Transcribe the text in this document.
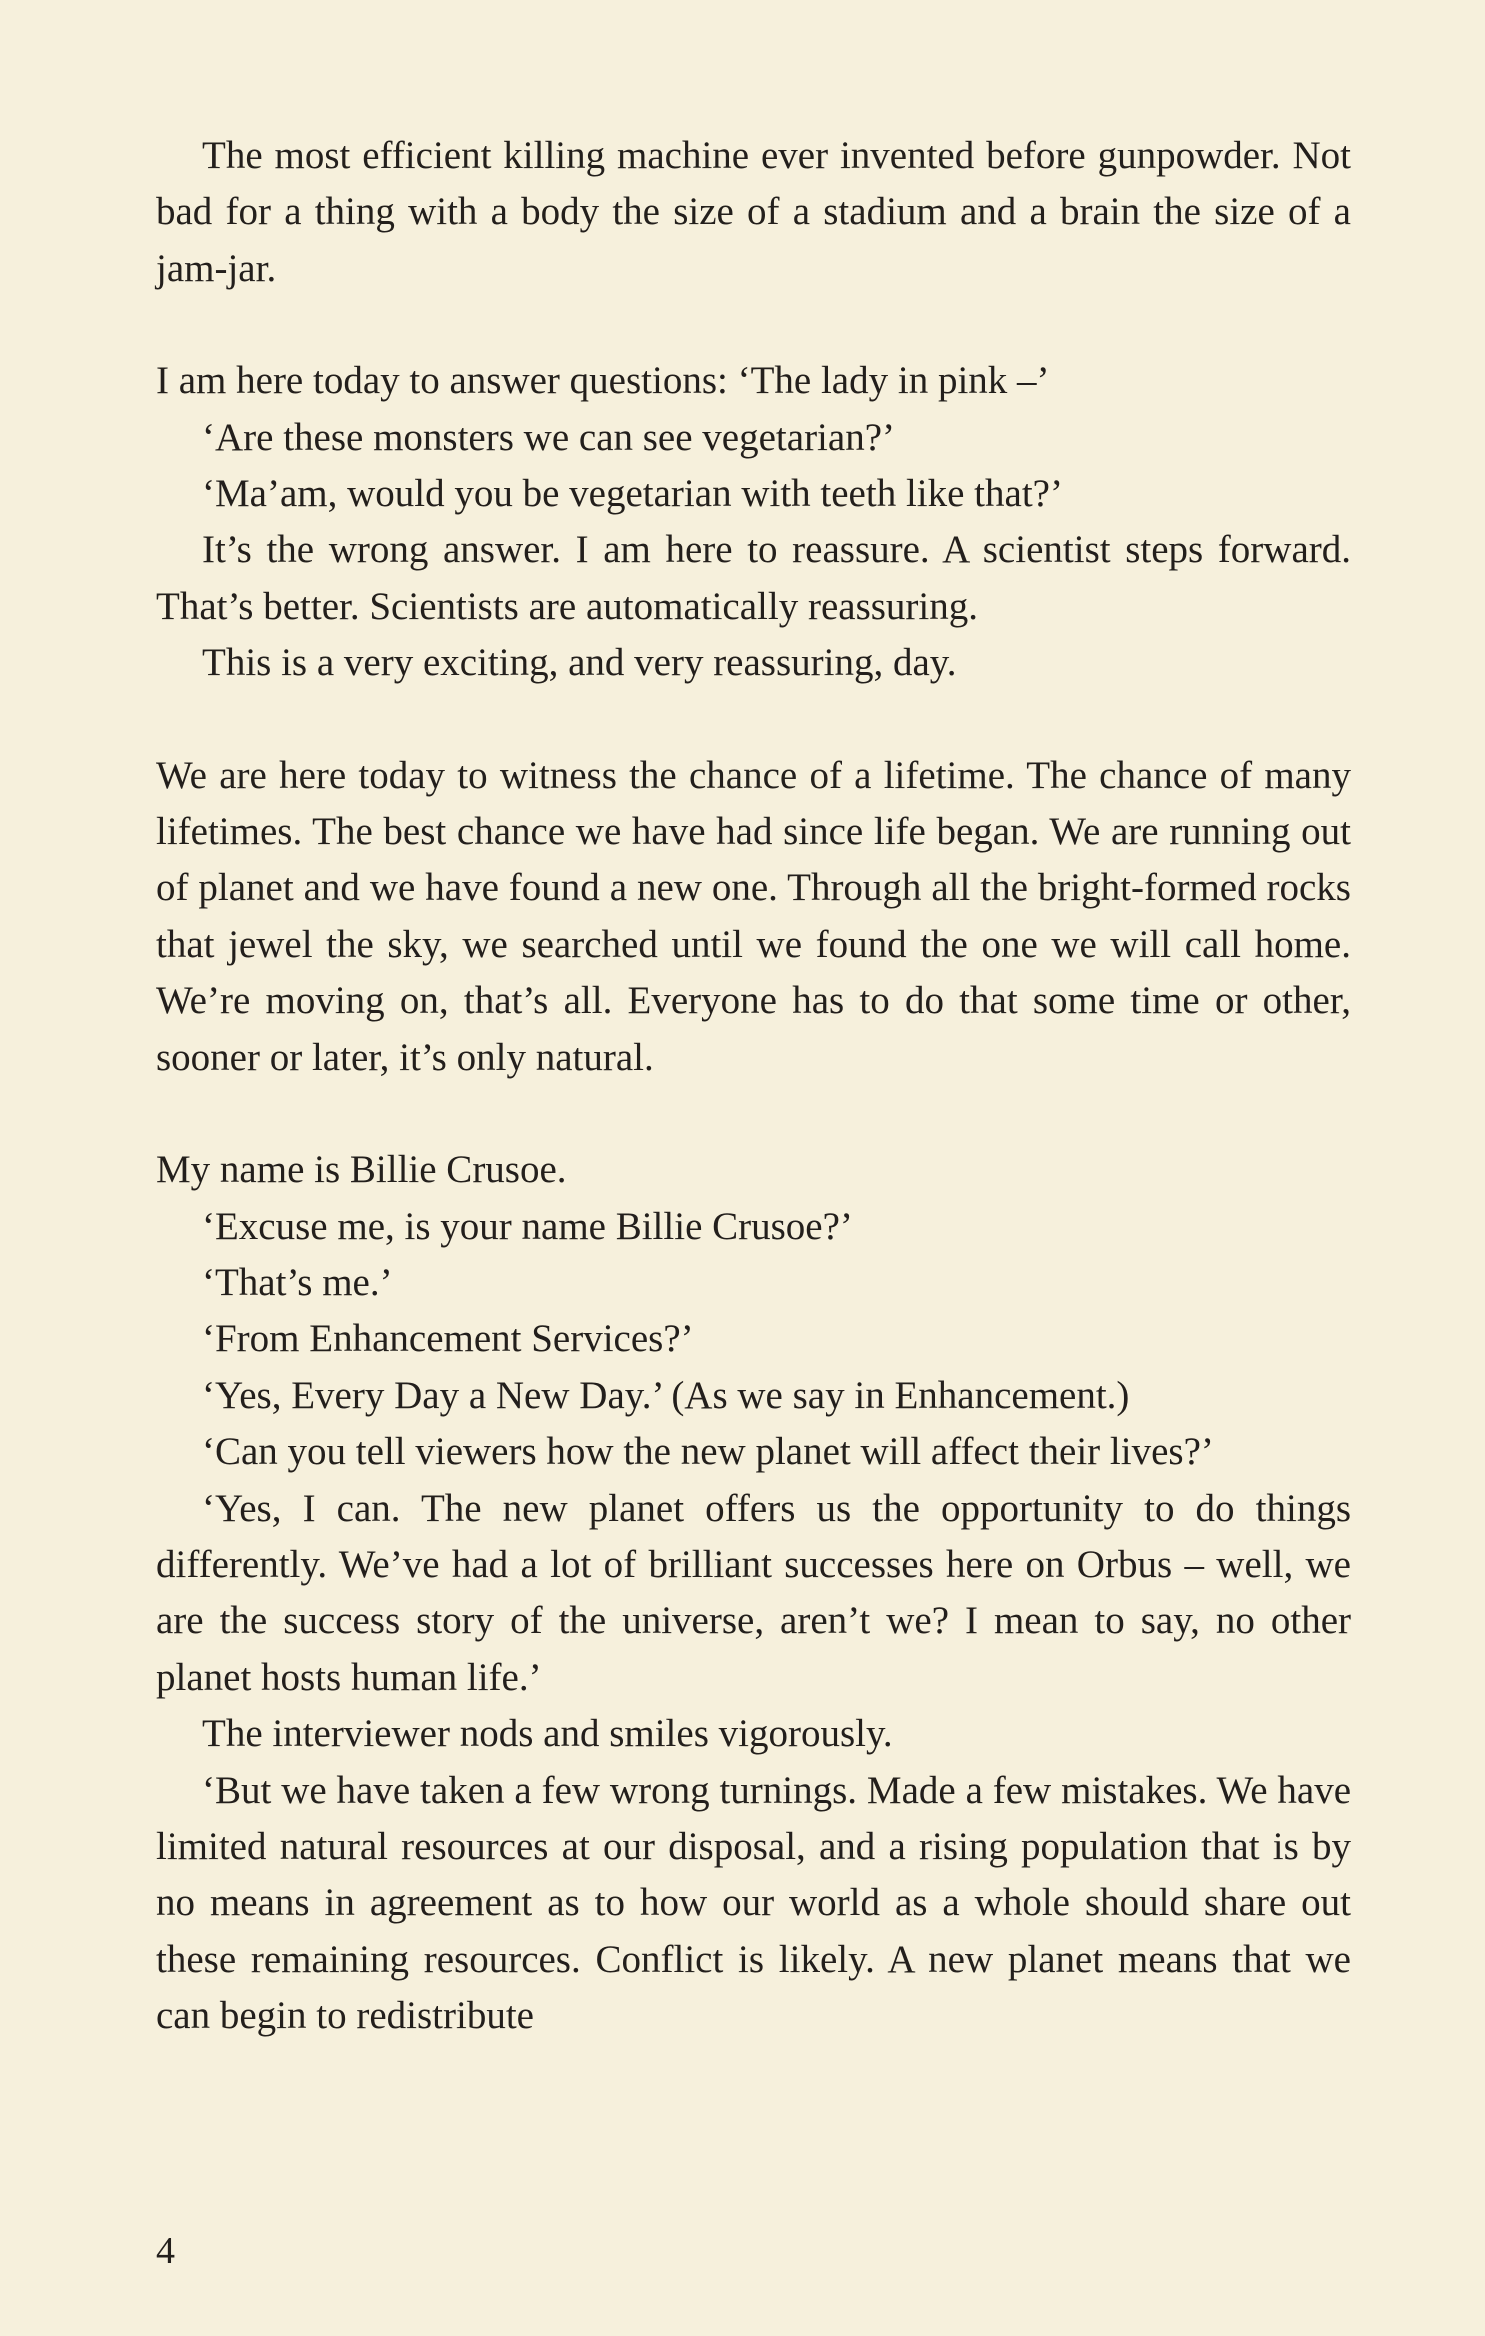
The most efficient killing machine ever invented before gunpowder. Not bad for a thing with a body the size of a stadium and a brain the size of a jam-jar.

I am here today to answer questions: ‘The lady in pink –’

‘Are these monsters we can see vegetarian?’

‘Ma’am, would you be vegetarian with teeth like that?’

It’s the wrong answer. I am here to reassure. A scientist steps forward. That’s better. Scientists are automatically reassuring.

This is a very exciting, and very reassuring, day.

We are here today to witness the chance of a lifetime. The chance of many lifetimes. The best chance we have had since life began. We are running out of planet and we have found a new one. Through all the bright-formed rocks that jewel the sky, we searched until we found the one we will call home. We’re moving on, that’s all. Everyone has to do that some time or other, sooner or later, it’s only natural.

My name is Billie Crusoe.

‘Excuse me, is your name Billie Crusoe?’

‘That’s me.’

‘From Enhancement Services?’

‘Yes, Every Day a New Day.’ (As we say in Enhancement.)

‘Can you tell viewers how the new planet will affect their lives?’

‘Yes, I can. The new planet offers us the opportunity to do things differently. We’ve had a lot of brilliant successes here on Orbus – well, we are the success story of the universe, aren’t we? I mean to say, no other planet hosts human life.’

The interviewer nods and smiles vigorously.

‘But we have taken a few wrong turnings. Made a few mistakes. We have limited natural resources at our disposal, and a rising population that is by no means in agreement as to how our world as a whole should share out these remaining resources. Conflict is likely. A new planet means that we can begin to redistribute

4
